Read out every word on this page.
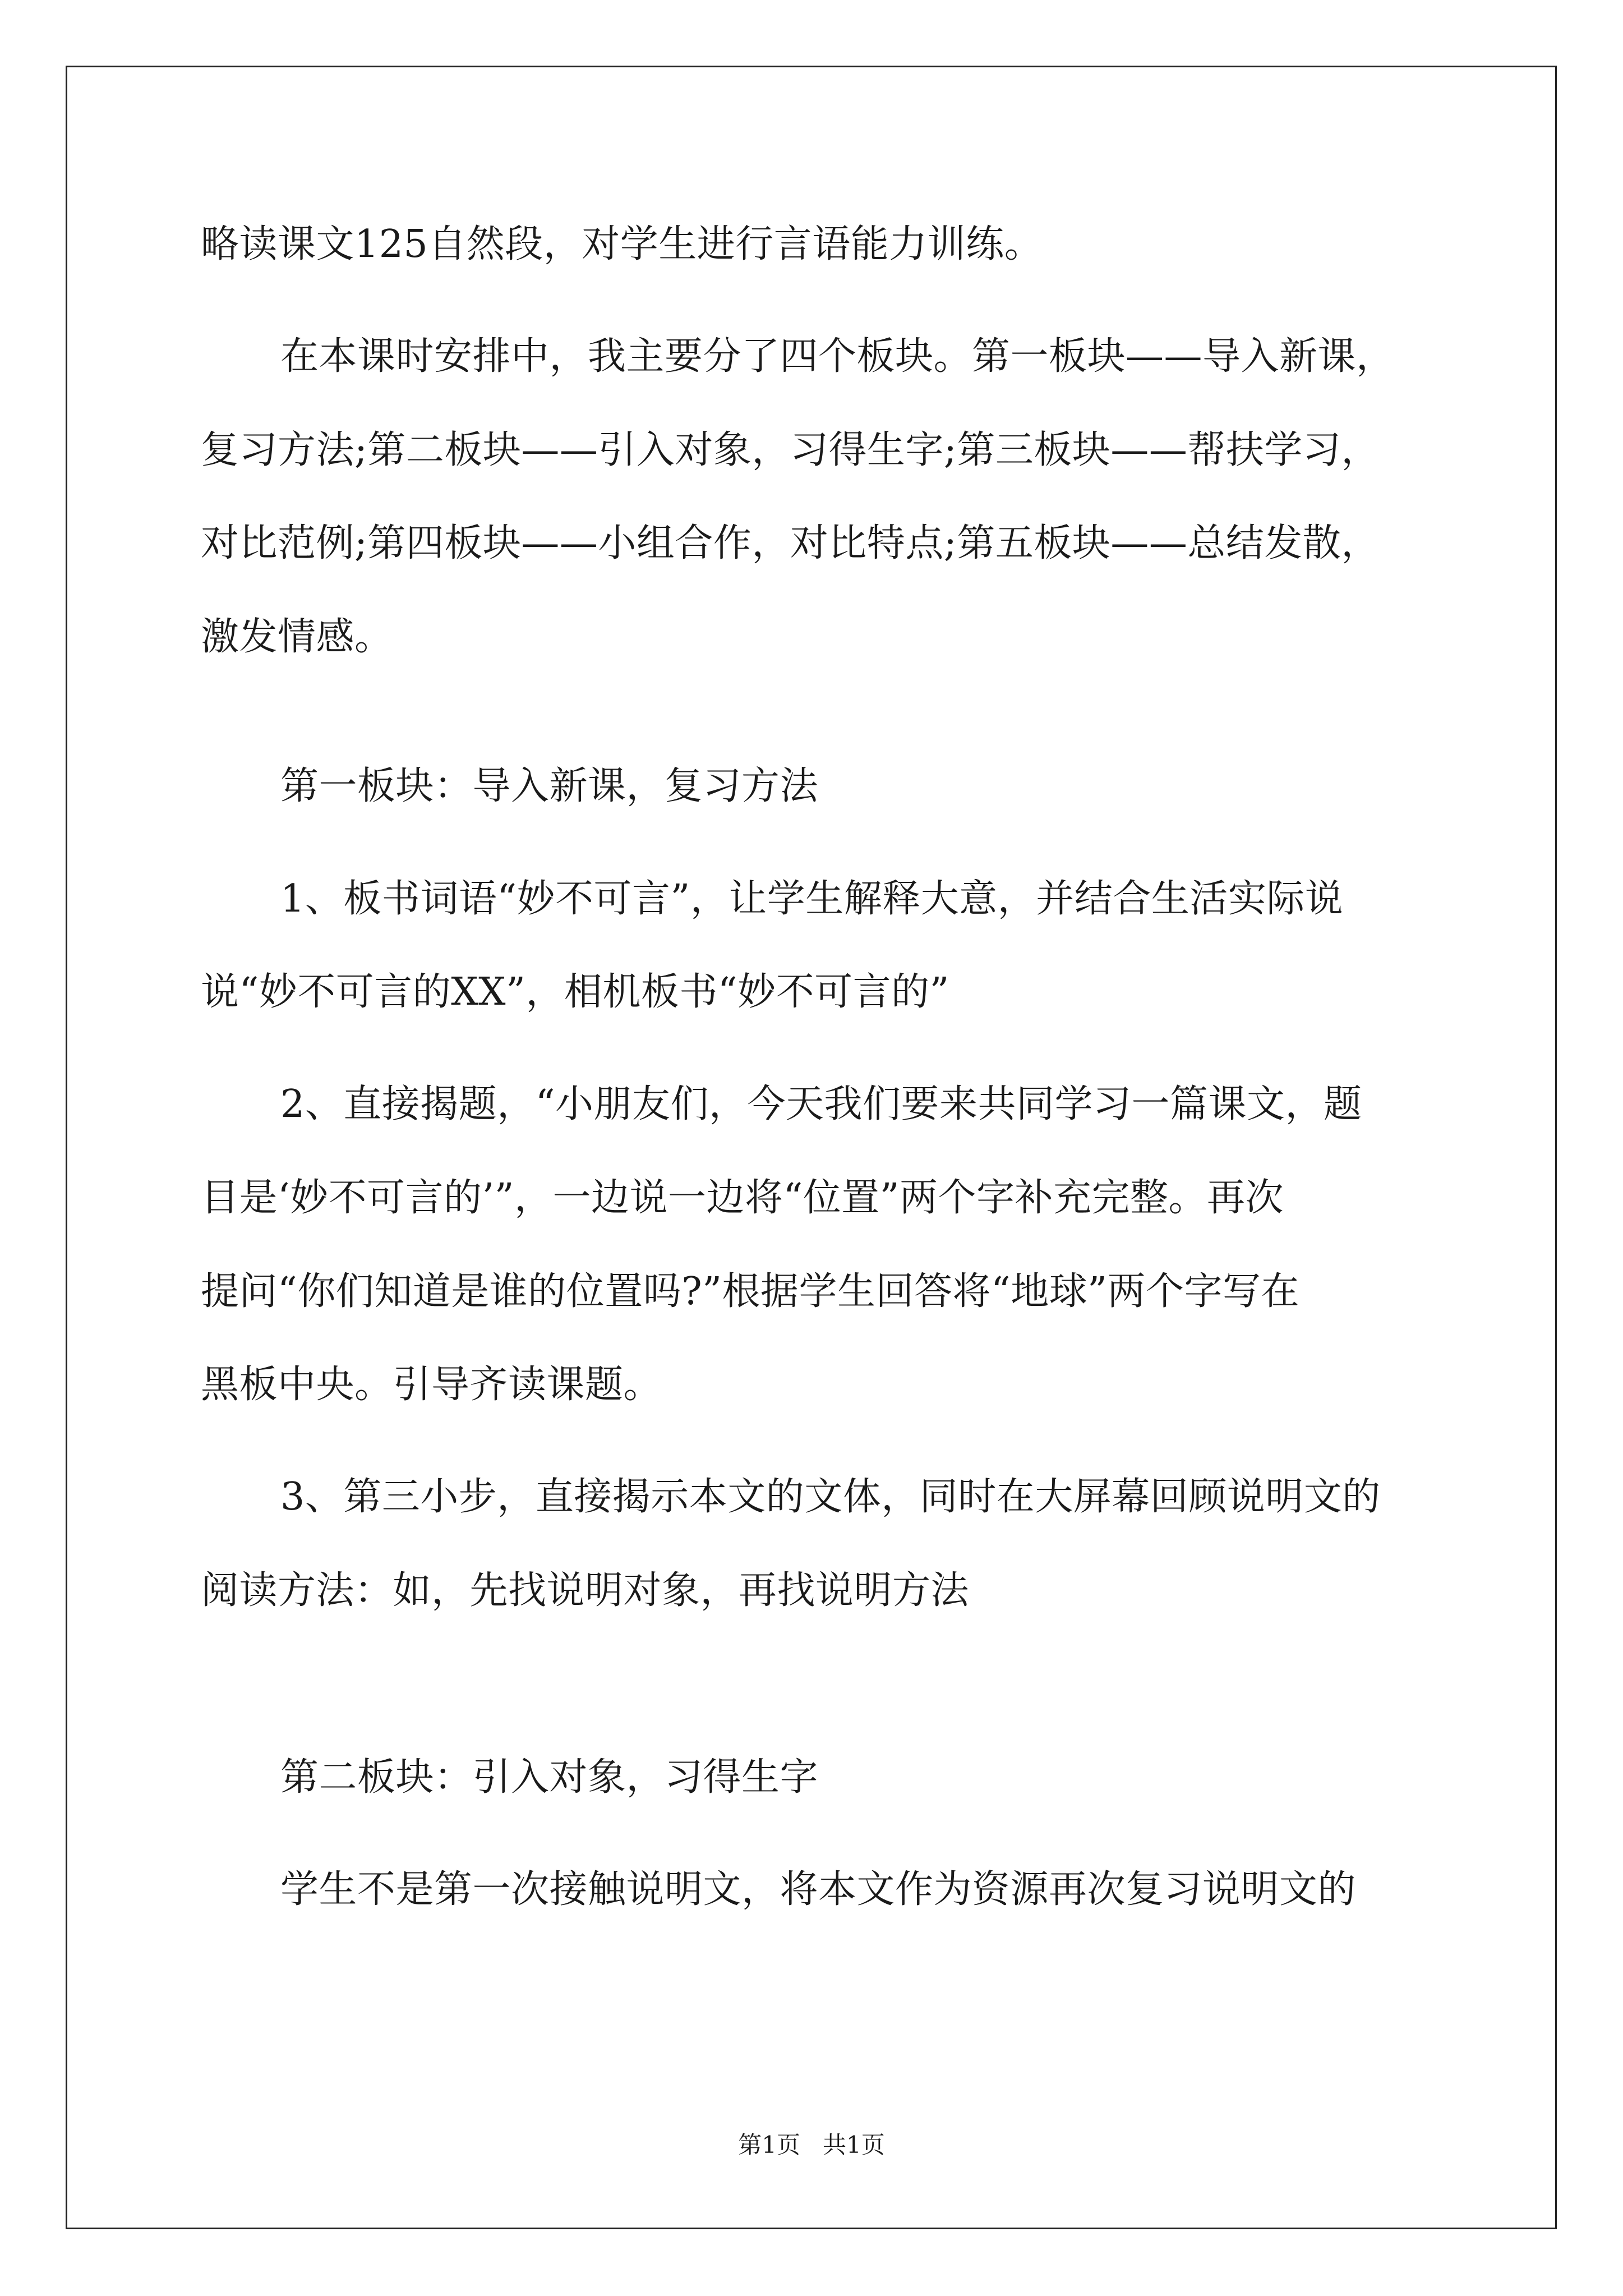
略读课文125自然段，对学生进行言语能力训练。

在本课时安排中，我主要分了四个板块。第一板块——导入新课，

复习方法;第二板块——引入对象，习得生字;第三板块——帮扶学习，

对比范例;第四板块——小组合作，对比特点;第五板块——总结发散，

激发情感。

第一板块：导入新课，复习方法

1、板书词语“妙不可言”，让学生解释大意，并结合生活实际说

说“妙不可言的XX”，相机板书“妙不可言的”

2、直接揭题，“小朋友们，今天我们要来共同学习一篇课文，题

目是‘妙不可言的’”，一边说一边将“位置”两个字补充完整。再次

提问“你们知道是谁的位置吗?”根据学生回答将“地球”两个字写在

黑板中央。引导齐读课题。

3、第三小步，直接揭示本文的文体，同时在大屏幕回顾说明文的

阅读方法：如，先找说明对象，再找说明方法

第二板块：引入对象，习得生字

学生不是第一次接触说明文，将本文作为资源再次复习说明文的

第1页   共1页
